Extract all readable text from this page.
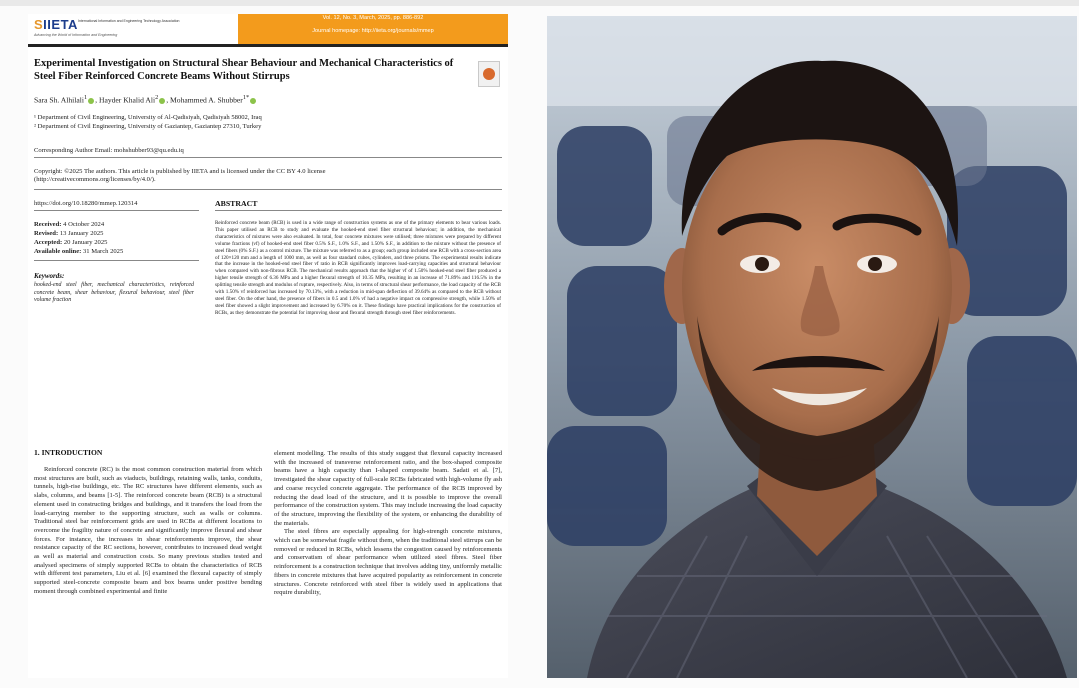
SIIETA International Information and Engineering Technology Association
Advancing the World of Information and Engineering
Vol. 12, No. 3, March, 2025, pp. 886-892
Journal homepage: http://iieta.org/journals/mmep
Experimental Investigation on Structural Shear Behaviour and Mechanical Characteristics of Steel Fiber Reinforced Concrete Beams Without Stirrups
Sara Sh. Alhilali$^1$ , Hayder Khalid Ali$^2$ , Mohammed A. Shubber$^{1*}$
¹ Department of Civil Engineering, University of Al-Qadisiyah, Qadisiyah 58002, Iraq
² Department of Civil Engineering, University of Gaziantep, Gaziantep 27310, Turkey
Corresponding Author Email: mohshubber93@qu.edu.iq
Copyright: ©2025 The authors. This article is published by IIETA and is licensed under the CC BY 4.0 license
(http://creativecommons.org/licenses/by/4.0/).
https://doi.org/10.18280/mmep.120314
Received: 4 October 2024
Revised: 13 January 2025
Accepted: 20 January 2025
Available online: 31 March 2025
Keywords:
hooked-end steel fiber, mechanical characteristics, reinforced concrete beam, shear behaviour, flexural behaviour, steel fiber volume fraction
ABSTRACT
Reinforced concrete beam (RCB) is used in a wide range of construction systems as one of the primary elements to bear various loads. This paper utilised an RCB to study and evaluate the hooked-end steel fiber structural behaviour; in addition, the mechanical characteristics of mixtures were also evaluated. In total, four concrete mixtures were utilised; three mixtures were prepared by different volume fractions (vf) of hooked-end steel fiber 0.5% S.F., 1.0% S.F., and 1.50% S.F., in addition to the mixture without the presence of steel fibers (0% S.F.) as a control mixture. The mixture was referred to as a group; each group included one RCB with a cross-section area of 120×120 mm and a length of 1000 mm, as well as four standard cubes, cylinders, and three prisms. The experimental results indicate that the increase in the hooked-end steel fiber vf ratio in RCB significantly improves load-carrying capacities and structural behaviour when compared with non-fibrous RCB. The mechanical results approach that the higher vf of 1.50% hooked-end steel fiber produced a higher tensile strength of 6.36 MPa and a higher flexural strength of 10.35 MPa, resulting in an increase of 71.89% and 116.5% in the splitting tensile strength and modulus of rupture, respectively. Also, in terms of structural shear performance, the load capacity of the RCB with 1.50% vf reinforced has increased by 70.13%, with a reduction in mid-span deflection of 39.64% as compared to the RCB without steel fiber. On the other hand, the presence of fibers in 0.5 and 1.0% vf had a negative impact on compressive strength, while 1.50% of steel fiber showed a slight improvement and increased by 6.70% on it. These findings have practical implications for the construction of RCBs, as they demonstrate the potential for improving shear and flexural strength through steel fiber reinforcements.
1. INTRODUCTION
Reinforced concrete (RC) is the most common construction material from which most structures are built, such as viaducts, buildings, retaining walls, tanks, conduits, tunnels, high-rise buildings, etc. The RC structures have different elements, such as slabs, columns, and beams [1-5]. The reinforced concrete beam (RCB) is a structural element used in constructing bridges and buildings, and it transfers the load from the load-carrying member to the supporting structure, such as walls or columns. Traditional steel bar reinforcement grids are used in RCBs at different locations to overcome the fragility nature of concrete and significantly improve flexural and shear forces. For instance, the increases in shear reinforcements improve, the shear resistance capacity of the RC sections, however, contributes to increased dead weight as well as material and construction costs. So many previous studies tested and analysed specimens of simply supported RCBs to obtain the characteristics of RCB with different test parameters, Liu et al. [6] examined the flexural capacity of simply supported steel-concrete composite beam and box beams under positive bending moment through combined experimental and finite

element modelling. The results of this study suggest that flexural capacity increased with the increased of transverse reinforcement ratio, and the box-shaped composite beams have a high capacity than I-shaped composite beam. Sadati et al. [7], investigated the shear capacity of full-scale RCBs fabricated with high-volume fly ash and coarse recycled concrete aggregate. The performance of the RCB improved by reducing the dead load of the structure, and it is possible to improve the overall performance of the construction system. This may include increasing the load capacity of the structure, improving the flexibility of the system, or enhancing the durability of the materials.

The steel fibres are especially appealing for high-strength concrete mixtures, which can be somewhat fragile without them, when the traditional steel stirrups can be removed or reduced in RCBs, which lessens the congestion caused by reinforcements and conservatism of shear performance when utilized steel fibres. Steel fiber reinforcement is a construction technique that involves adding tiny, uniformly metallic fibers in concrete mixtures that have acquired popularity as reinforcement in concrete structures. Concrete reinforced with steel fiber is widely used in applications that require durability,
